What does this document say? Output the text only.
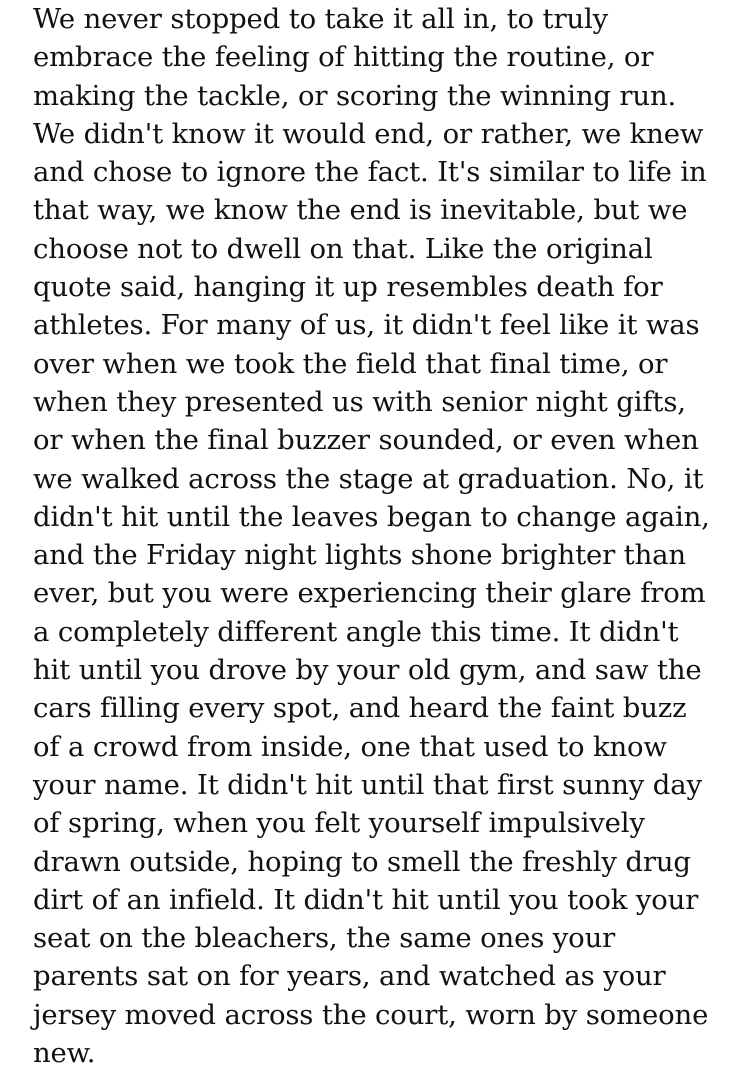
We never stopped to take it all in, to truly
embrace the feeling of hitting the routine, or
making the tackle, or scoring the winning run.
We didn't know it would end, or rather, we knew
and chose to ignore the fact. It's similar to life in
that way, we know the end is inevitable, but we
choose not to dwell on that. Like the original
quote said, hanging it up resembles death for
athletes. For many of us, it didn't feel like it was
over when we took the field that final time, or
when they presented us with senior night gifts,
or when the final buzzer sounded, or even when
we walked across the stage at graduation. No, it
didn't hit until the leaves began to change again,
and the Friday night lights shone brighter than
ever, but you were experiencing their glare from
a completely different angle this time. It didn't
hit until you drove by your old gym, and saw the
cars filling every spot, and heard the faint buzz
of a crowd from inside, one that used to know
your name. It didn't hit until that first sunny day
of spring, when you felt yourself impulsively
drawn outside, hoping to smell the freshly drug
dirt of an infield. It didn't hit until you took your
seat on the bleachers, the same ones your
parents sat on for years, and watched as your
jersey moved across the court, worn by someone
new.
